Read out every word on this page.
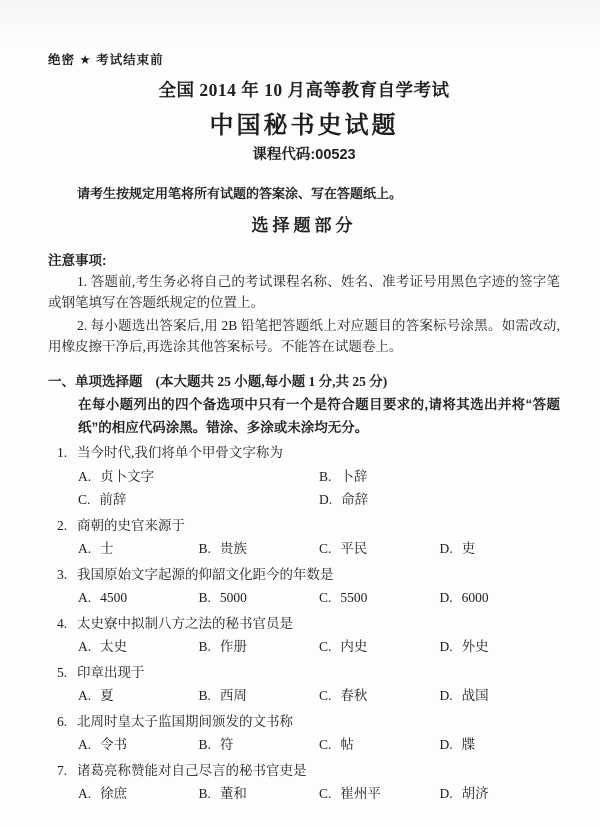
绝密 ★ 考试结束前
全国 2014 年 10 月高等教育自学考试
中国秘书史试题
课程代码:00523
请考生按规定用笔将所有试题的答案涂、写在答题纸上。
选择题部分
注意事项:

1. 答题前,考生务必将自己的考试课程名称、姓名、准考证号用黑色字迹的签字笔或钢笔填写在答题纸规定的位置上。

2. 每小题选出答案后,用 2B 铅笔把答题纸上对应题目的答案标号涂黑。如需改动,用橡皮擦干净后,再选涂其他答案标号。不能答在试题卷上。

一、单项选择题 (本大题共 25 小题,每小题 1 分,共 25 分)
在每小题列出的四个备选项中只有一个是符合题目要求的,请将其选出并将“答题纸”的相应代码涂黑。错涂、多涂或未涂均无分。
1. 当今时代,我们将单个甲骨文字称为
A. 贞卜文字	B. 卜辞
C. 前辞	D. 命辞
2. 商朝的史官来源于
A. 士	B. 贵族	C. 平民	D. 吏
3. 我国原始文字起源的仰韶文化距今的年数是
A. 4500	B. 5000	C. 5500	D. 6000
4. 太史寮中拟制八方之法的秘书官员是
A. 太史	B. 作册	C. 内史	D. 外史
5. 印章出现于
A. 夏	B. 西周	C. 春秋	D. 战国
6. 北周时皇太子监国期间颁发的文书称
A. 令书	B. 符	C. 帖	D. 牒
7. 诸葛亮称赞能对自己尽言的秘书官吏是
A. 徐庶	B. 董和	C. 崔州平	D. 胡济
